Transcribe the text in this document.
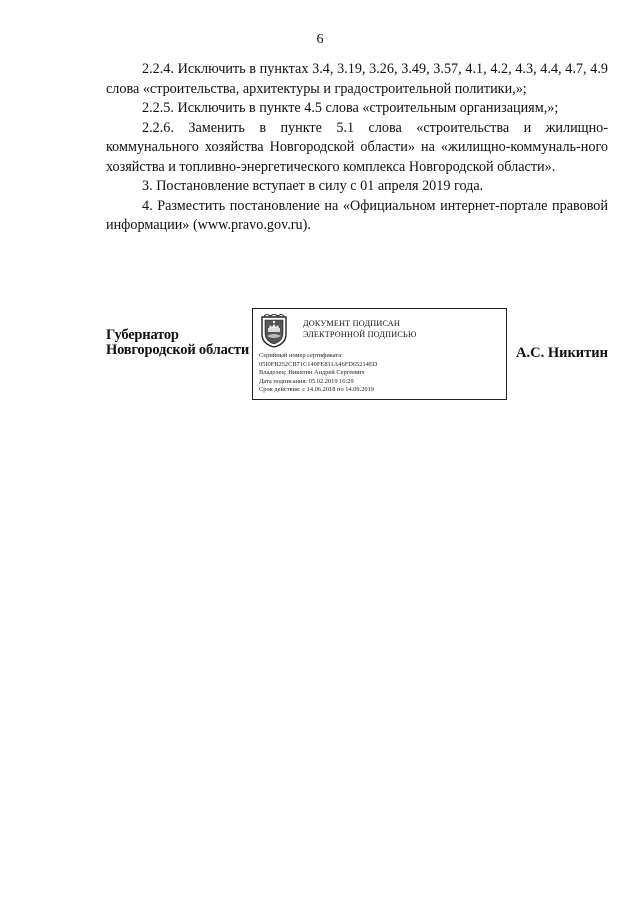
6

2.2.4. Исключить в пунктах 3.4, 3.19, 3.26, 3.49, 3.57, 4.1, 4.2, 4.3, 4.4, 4.7, 4.9 слова «строительства, архитектуры и градостроительной политики,»;

2.2.5. Исключить в пункте 4.5 слова «строительным организациям,»;

2.2.6. Заменить в пункте 5.1 слова «строительства и жилищно-коммунального хозяйства Новгородской области» на «жилищно-коммуналь-ного хозяйства и топливно-энергетического комплекса Новгородской области».

3. Постановление вступает в силу с 01 апреля 2019 года.

4. Разместить постановление на «Официальном интернет-портале правовой информации» (www.pravo.gov.ru).

Губернатор
Новгородской области
ДОКУМЕНТ ПОДПИСАН
ЭЛЕКТРОННОЙ ПОДПИСЬЮ
Серийный номер сертификата:
05I0FB252CB71C149FE811A46FD65214ED
Владелец: Никитин Андрей Сергеевич
Дата подписания: 05.02.2019 16:29
Срок действия: с 14.06.2018 по 14.09.2019
А.С. Никитин
